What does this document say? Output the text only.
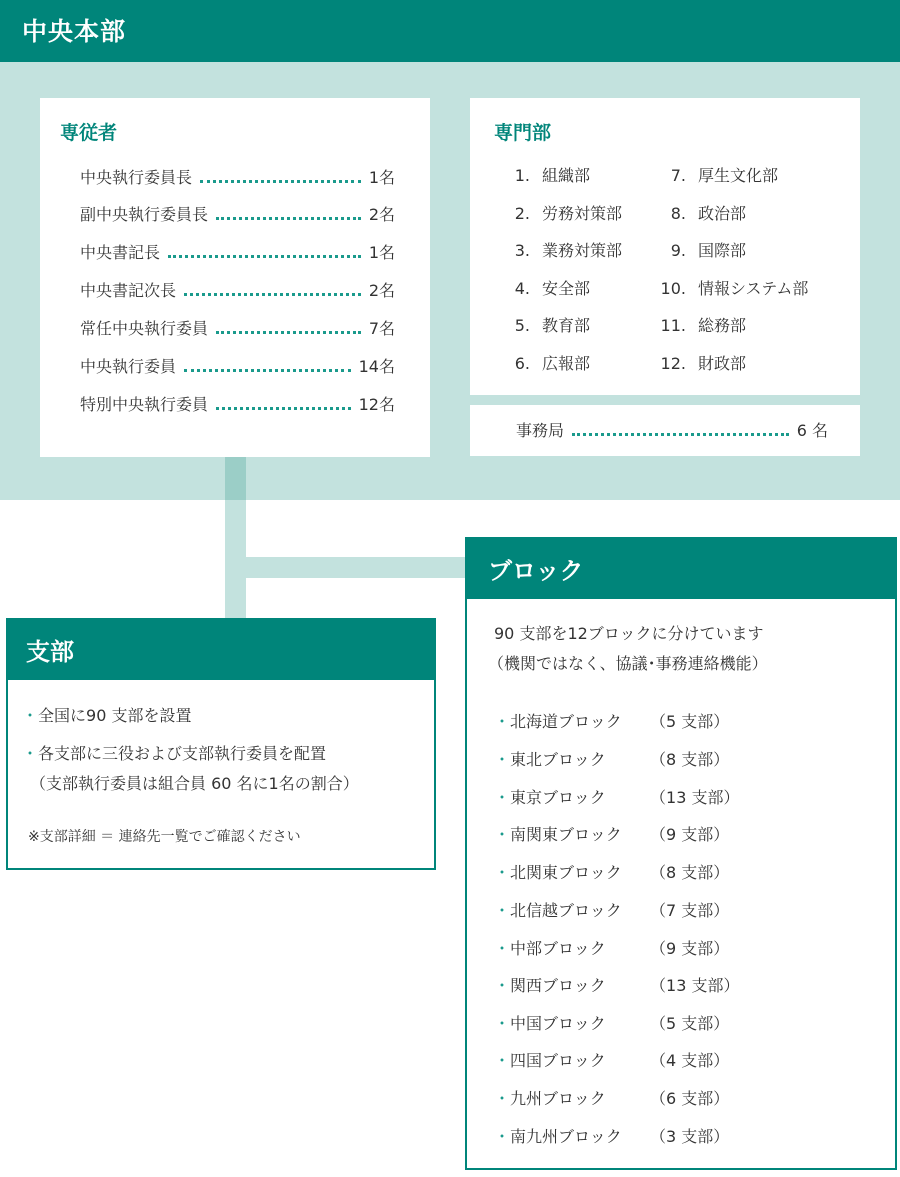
中央本部
専従者
中央執行委員長	1名
副中央執行委員長	2名
中央書記長	1名
中央書記次長	2名
常任中央執行委員	7名
中央執行委員	14名
特別中央執行委員	12名
専門部
1. 組織部
2. 労務対策部
3. 業務対策部
4. 安全部
5. 教育部
6. 広報部
7. 厚生文化部
8. 政治部
9. 国際部
10. 情報システム部
11. 総務部
12. 財政部
事務局	6 名
支部
・ 全国に90 支部を設置
・ 各支部に三役および支部執行委員を配置
（支部執行委員は組合員 60 名に1名の割合）
※支部詳細 ＝ 連絡先一覧でご確認ください
ブロック
90 支部を12ブロックに分けています
（機関ではなく、協議･事務連絡機能）
・ 北海道ブロック	（5 支部）
・ 東北ブロック	（8 支部）
・ 東京ブロック	（13 支部）
・ 南関東ブロック	（9 支部）
・ 北関東ブロック	（8 支部）
・ 北信越ブロック	（7 支部）
・ 中部ブロック	（9 支部）
・ 関西ブロック	（13 支部）
・ 中国ブロック	（5 支部）
・ 四国ブロック	（4 支部）
・ 九州ブロック	（6 支部）
・ 南九州ブロック	（3 支部）
